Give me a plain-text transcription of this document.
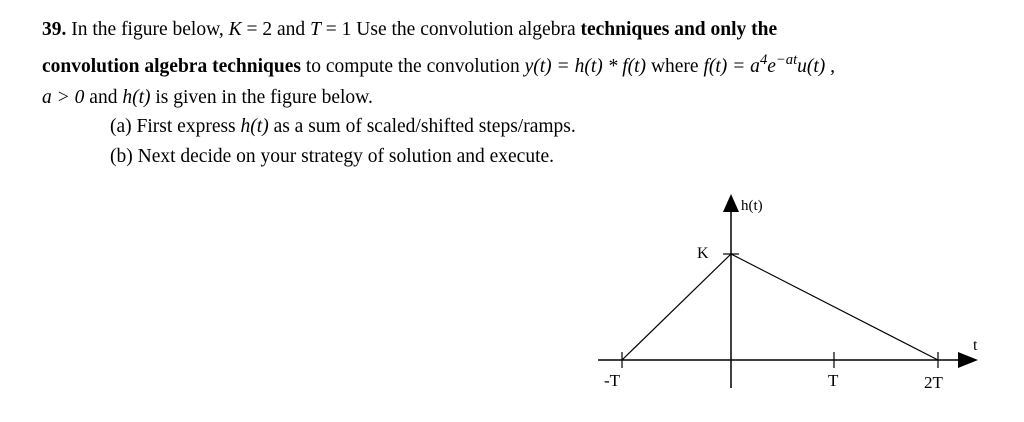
39. In the figure below, K = 2 and T = 1 Use the convolution algebra techniques and only the
convolution algebra techniques to compute the convolution y(t) = h(t) * f(t) where $f(t) = a^4e^{-at}u(t)$ ,
a > 0 and h(t) is given in the figure below.
(a) First express h(t) as a sum of scaled/shifted steps/ramps.
(b) Next decide on your strategy of solution and execute.
h(t)
t
K
-T	T	2T
